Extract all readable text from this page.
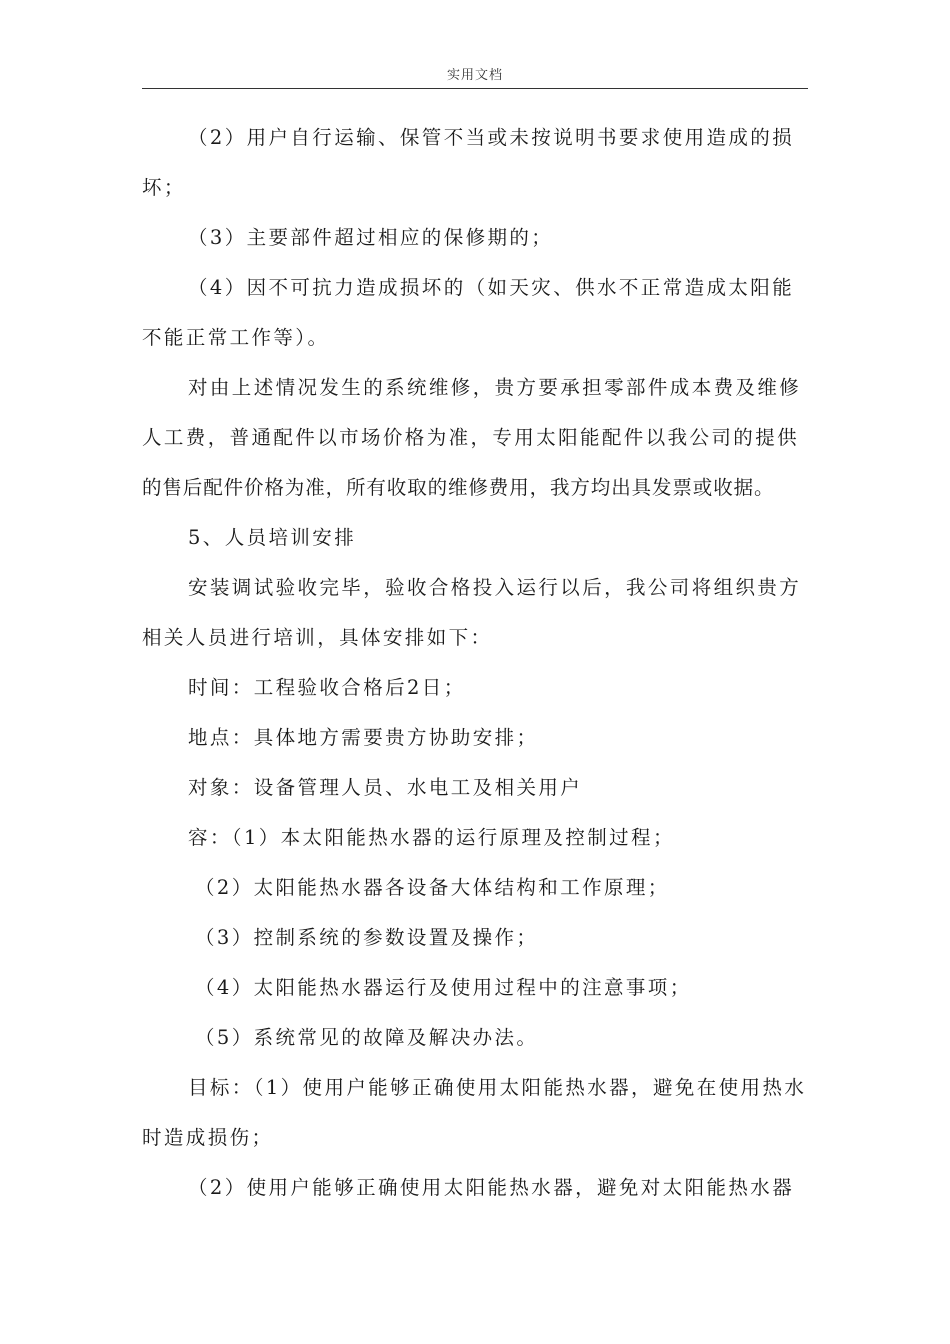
实用文档
（2）用户自行运输、保管不当或未按说明书要求使用造成的损
坏；
（3）主要部件超过相应的保修期的；
（4）因不可抗力造成损坏的（如天灾、供水不正常造成太阳能
不能正常工作等）。
对由上述情况发生的系统维修，贵方要承担零部件成本费及维修
人工费，普通配件以市场价格为准，专用太阳能配件以我公司的提供
的售后配件价格为准，所有收取的维修费用，我方均出具发票或收据。
5、人员培训安排
安装调试验收完毕，验收合格投入运行以后，我公司将组织贵方
相关人员进行培训，具体安排如下：
时间：工程验收合格后2日；
地点：具体地方需要贵方协助安排；
对象：设备管理人员、水电工及相关用户
容：（1）本太阳能热水器的运行原理及控制过程；
（2）太阳能热水器各设备大体结构和工作原理；
（3）控制系统的参数设置及操作；
（4）太阳能热水器运行及使用过程中的注意事项；
（5）系统常见的故障及解决办法。
目标：（1）使用户能够正确使用太阳能热水器，避免在使用热水
时造成损伤；
（2）使用户能够正确使用太阳能热水器，避免对太阳能热水器
